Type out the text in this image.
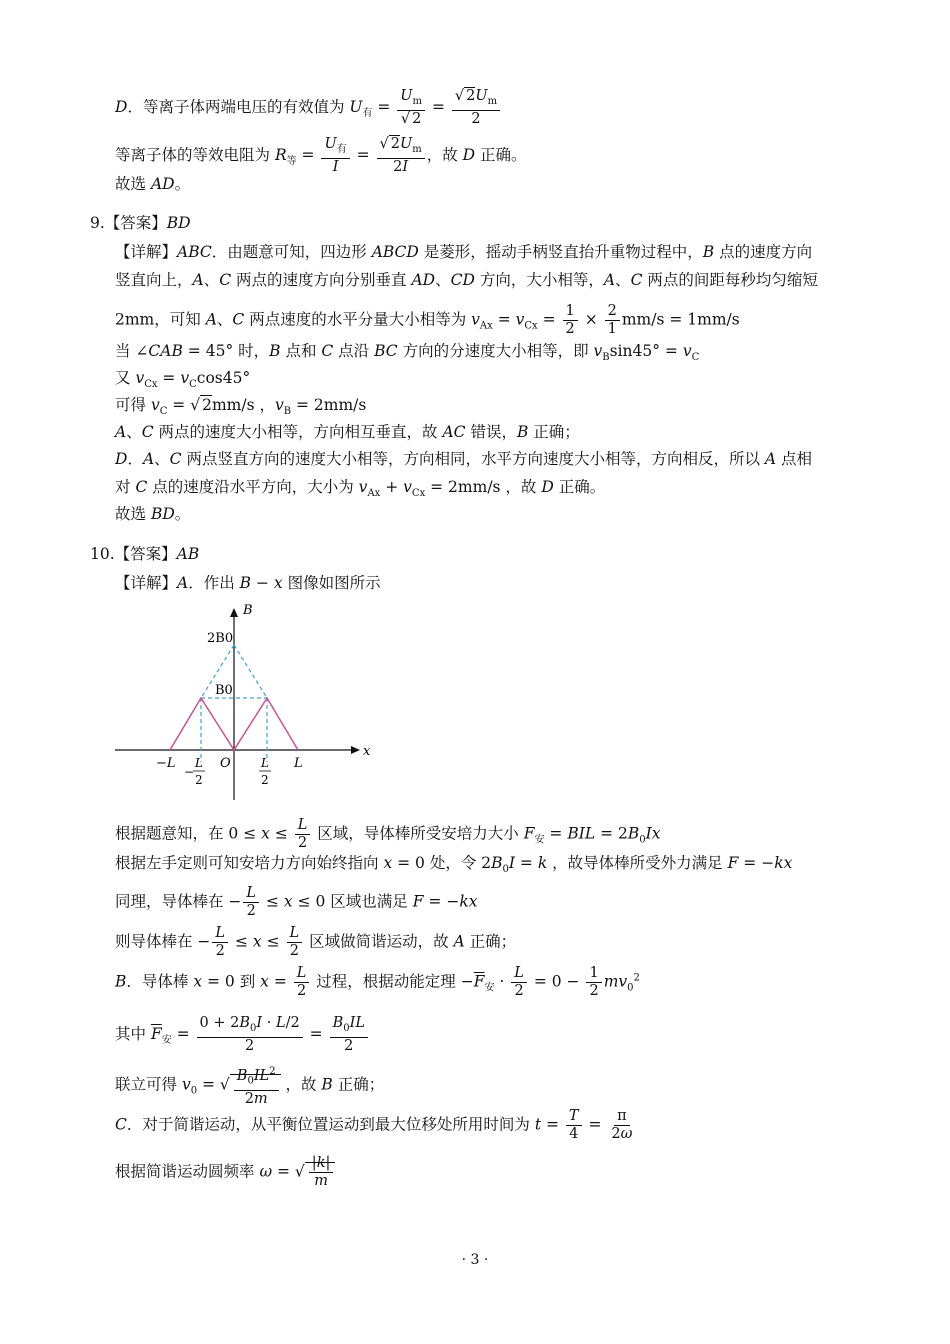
D．等离子体两端电压的有效值为 $U_有 = \frac{U_m}{√ 2} = \frac{√ 2U_m}{2}$
等离子体的等效电阻为 $R_等 = \frac{U_有}{I} = \frac{√ 2U_m}{2I}$ ，故 D 正确。
故选 AD。
9.【答案】BD
【详解】ABC．由题意可知，四边形 ABCD 是菱形，摇动手柄竖直抬升重物过程中，B 点的速度方向
竖直向上，A、C 两点的速度方向分别垂直 AD、CD 方向，大小相等，A、C 两点的间距每秒均匀缩短
2mm，可知 A、C 两点速度的水平分量大小相等为 $v_{Ax} = v_{Cx} = \frac{1}{2} \times \frac{2}{1} mm/s = 1mm/s$
当 ∠CAB = 45° 时，B 点和 C 点沿 BC 方向的分速度大小相等，即 $v_B\sin 45^\circ = v_C$
又 $v_{Cx} = v_C\cos 45^\circ$
可得 $v_C$ = √ 2mm/s ，$v_B = 2mm/s$
A、C 两点的速度大小相等，方向相互垂直，故 AC 错误，B 正确；
D．A、C 两点竖直方向的速度大小相等，方向相同，水平方向速度大小相等，方向相反，所以 A 点相
对 C 点的速度沿水平方向，大小为 $v_{Ax} + v_{Cx} = 2mm/s$ ，故 D 正确。
故选 BD。
10.【答案】AB
【详解】A．作出 B − x 图像如图所示
B
x
2B0
B0
−L	O	L
−
L
2
L
2
根据题意知，在 $0 \le x \le \frac{L}{2}$ 区域，导体棒所受安培力大小 $F_安$ = BIL = $2B_0Ix$
根据左手定则可知安培力方向始终指向 x = 0 处，令 $2B_0I = k$ ，故导体棒所受外力满足 F = −kx
同理，导体棒在 − $\frac{L}{2} \le x \le 0$ 区域也满足 F = −kx
则导体棒在 − $\frac{L}{2} \le x \le \frac{L}{2}$ 区域做简谐运动，故 A 正确；
B．导体棒 x = 0 到 $x = \frac{L}{2}$ 过程，根据动能定理 $-\overline{F}_安 \cdot \frac{L}{2} = 0 - \frac{1}{2} mv_0^2$
其中 $\overline{F}_安 = \frac{0 + 2B_0I \cdot L/2}{2} = \frac{B_0IL}{2}$
联立可得 $v_0$ = √ $\frac{B_0IL^2}{2m}$ ，故 B 正确；
C．对于简谐运动，从平衡位置运动到最大位移处所用时间为 $t = \frac{T}{4} = \frac{\pi}{2\omega}$
根据简谐运动圆频率 ω = √ $\frac{|k|}{m}$
· 3 ·
